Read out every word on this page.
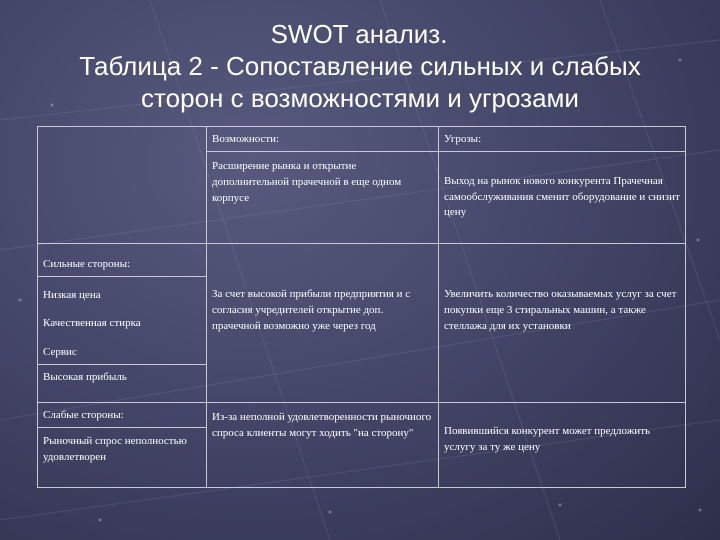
SWOT анализ.
Таблица 2 - Сопоставление сильных и слабых
сторон с возможностями и угрозами

	Возможности:	Угрозы:

	Расширение рынка и открытие дополнительной прачечной в еще одном корпусе	Выход на рынок нового конкурента Прачечная самообслуживания сменит оборудование и снизит цену

Сильные стороны:	За счет высокой прибыли предприятия и с согласия учредителей открытие доп. прачечной возможно уже через год	Увеличить количество оказываемых услуг за счет покупки еще 3 стиральных машин, а также стеллажа для их установки

Низкая цена		

Качественная стирка		

Сервис		

Высокая прибыль		

Слабые стороны:	Из-за неполной удовлетворенности рыночного спроса клиенты могут ходить "на сторону"	Появившийся конкурент может предложить услугу за ту же цену

Рыночный спрос неполностью удовлетворен		
